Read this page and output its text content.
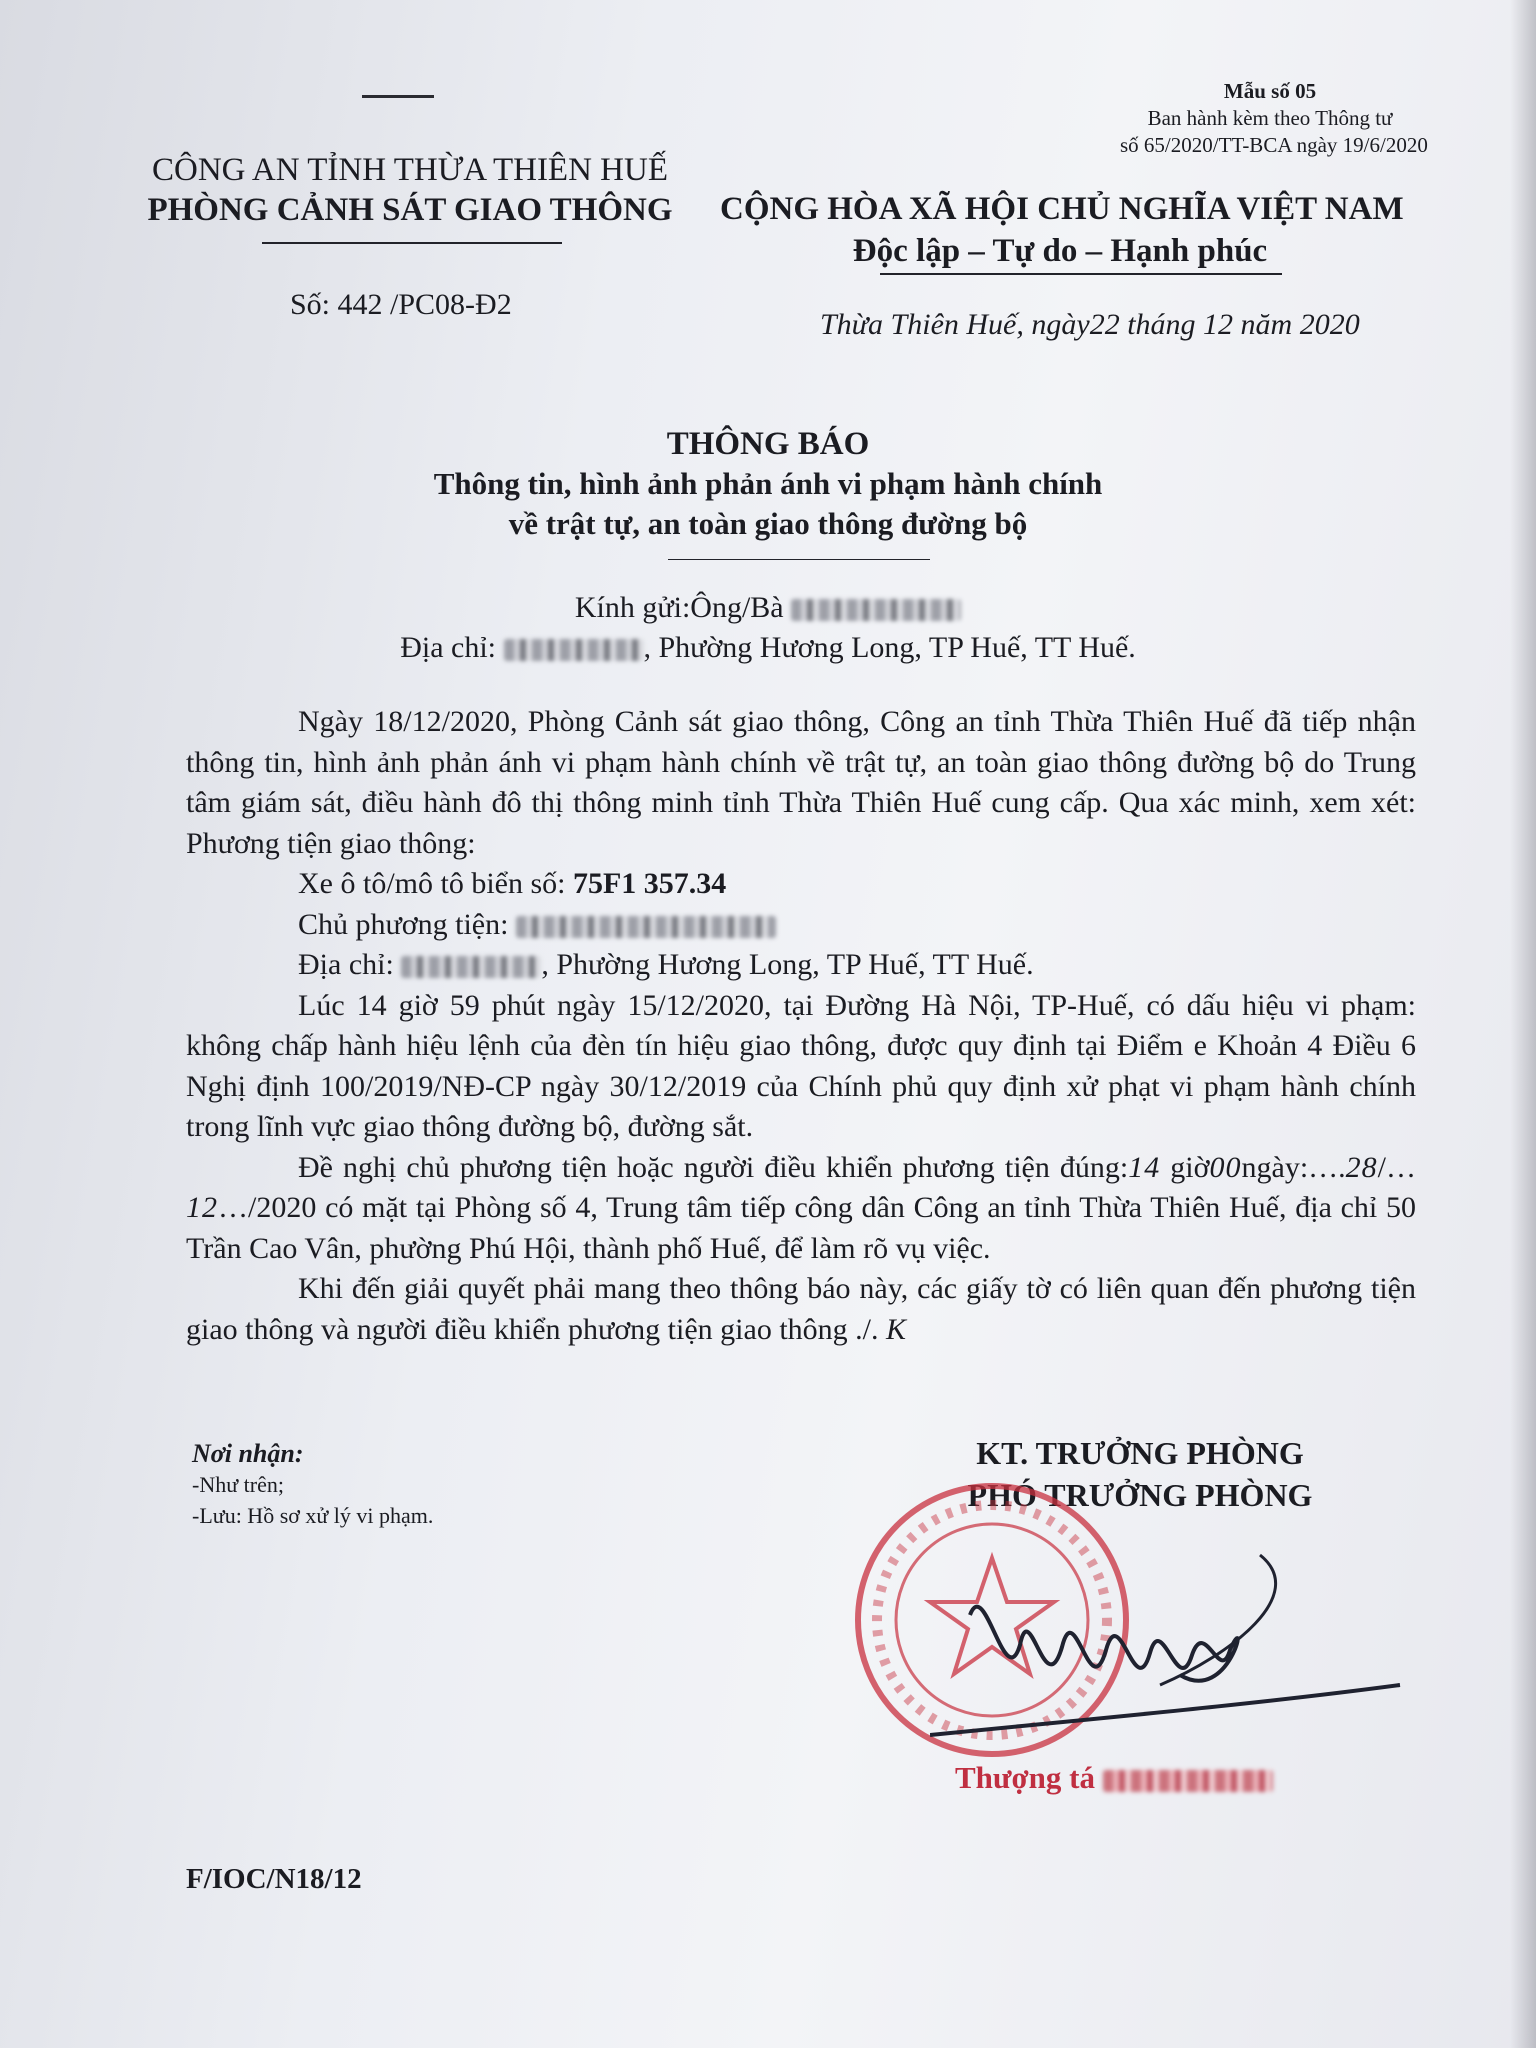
Mẫu số 05
Ban hành kèm theo Thông tư
số 65/2020/TT-BCA ngày 19/6/2020
CÔNG AN TỈNH THỪA THIÊN HUẾ
PHÒNG CẢNH SÁT GIAO THÔNG
Số: 442 /PC08-Đ2
CỘNG HÒA XÃ HỘI CHỦ NGHĨA VIỆT NAM
Độc lập – Tự do – Hạnh phúc
Thừa Thiên Huế, ngày22 tháng 12 năm 2020
THÔNG BÁO
Thông tin, hình ảnh phản ánh vi phạm hành chính
về trật tự, an toàn giao thông đường bộ
Kính gửi:Ông/Bà
Địa chỉ:	, Phường Hương Long, TP Huế, TT Huế.

Ngày 18/12/2020, Phòng Cảnh sát giao thông, Công an tỉnh Thừa Thiên Huế đã tiếp nhận thông tin, hình ảnh phản ánh vi phạm hành chính về trật tự, an toàn giao thông đường bộ do Trung tâm giám sát, điều hành đô thị thông minh tỉnh Thừa Thiên Huế cung cấp. Qua xác minh, xem xét: Phương tiện giao thông:

Xe ô tô/mô tô biển số: 75F1 357.34

Chủ phương tiện:

Địa chỉ:	, Phường Hương Long, TP Huế, TT Huế.

Lúc 14 giờ 59 phút ngày 15/12/2020, tại Đường Hà Nội, TP-Huế, có dấu hiệu vi phạm: không chấp hành hiệu lệnh của đèn tín hiệu giao thông, được quy định tại Điểm e Khoản 4 Điều 6 Nghị định 100/2019/NĐ-CP ngày 30/12/2019 của Chính phủ quy định xử phạt vi phạm hành chính trong lĩnh vực giao thông đường bộ, đường sắt.

Đề nghị chủ phương tiện hoặc người điều khiển phương tiện đúng:14 giờ00ngày:….28/…12…/2020 có mặt tại Phòng số 4, Trung tâm tiếp công dân Công an tỉnh Thừa Thiên Huế, địa chỉ 50 Trần Cao Vân, phường Phú Hội, thành phố Huế, để làm rõ vụ việc.

Khi đến giải quyết phải mang theo thông báo này, các giấy tờ có liên quan đến phương tiện giao thông và người điều khiển phương tiện giao thông ./. K

Nơi nhận:
-Như trên;
-Lưu: Hồ sơ xử lý vi phạm.
KT. TRƯỞNG PHÒNG
PHÓ TRƯỞNG PHÒNG
Thượng tá
F/IOC/N18/12
